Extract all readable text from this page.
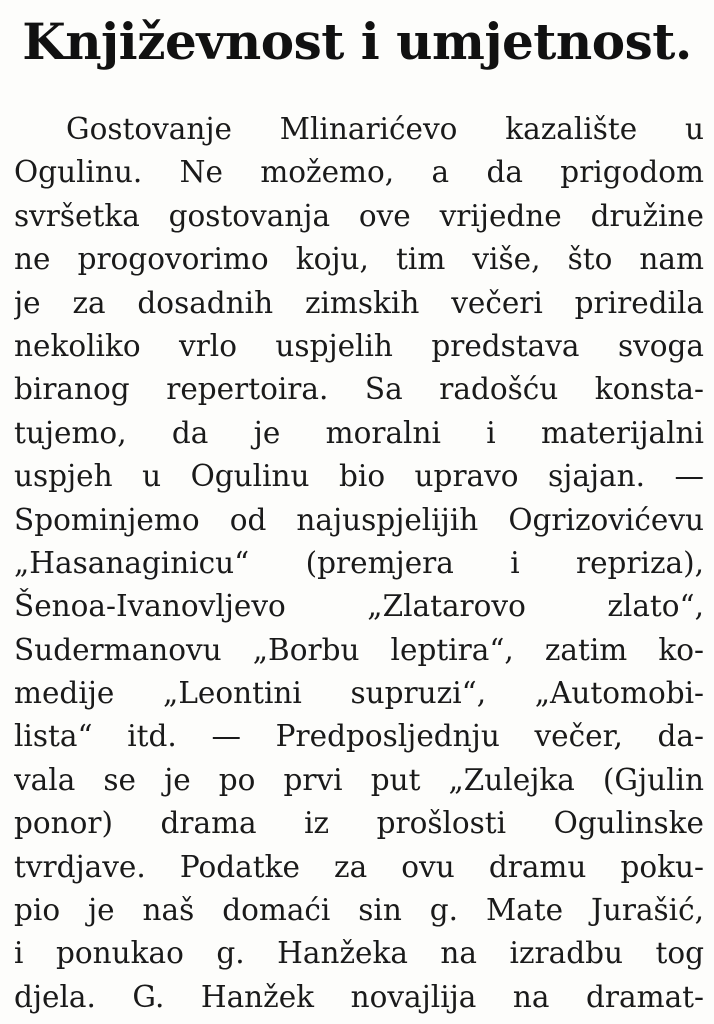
Književnost i umjetnost.
Gostovanje Mlinarićevo kazalište u
Ogulinu. Ne možemo, a da prigodom
svršetka gostovanja ove vrijedne družine
ne progovorimo koju, tim više, što nam
je za dosadnih zimskih večeri priredila
nekoliko vrlo uspjelih predstava svoga
biranog repertoira. Sa radošću konsta-
tujemo, da je moralni i materijalni
uspjeh u Ogulinu bio upravo sjajan. —
Spominjemo od najuspjelijih Ogrizovićevu
„Hasanaginicu“ (premjera i repriza),
Šenoa-Ivanovljevo „Zlatarovo zlato“,
Sudermanovu „Borbu leptira“, zatim ko-
medije „Leontini supruzi“, „Automobi-
lista“ itd. — Predposljednju večer, da-
vala se je po prvi put „Zulejka (Gjulin
ponor) drama iz prošlosti Ogulinske
tvrdjave. Podatke za ovu dramu poku-
pio je naš domaći sin g. Mate Jurašić,
i ponukao g. Hanžeka na izradbu tog
djela. G. Hanžek novajlija na dramat-
